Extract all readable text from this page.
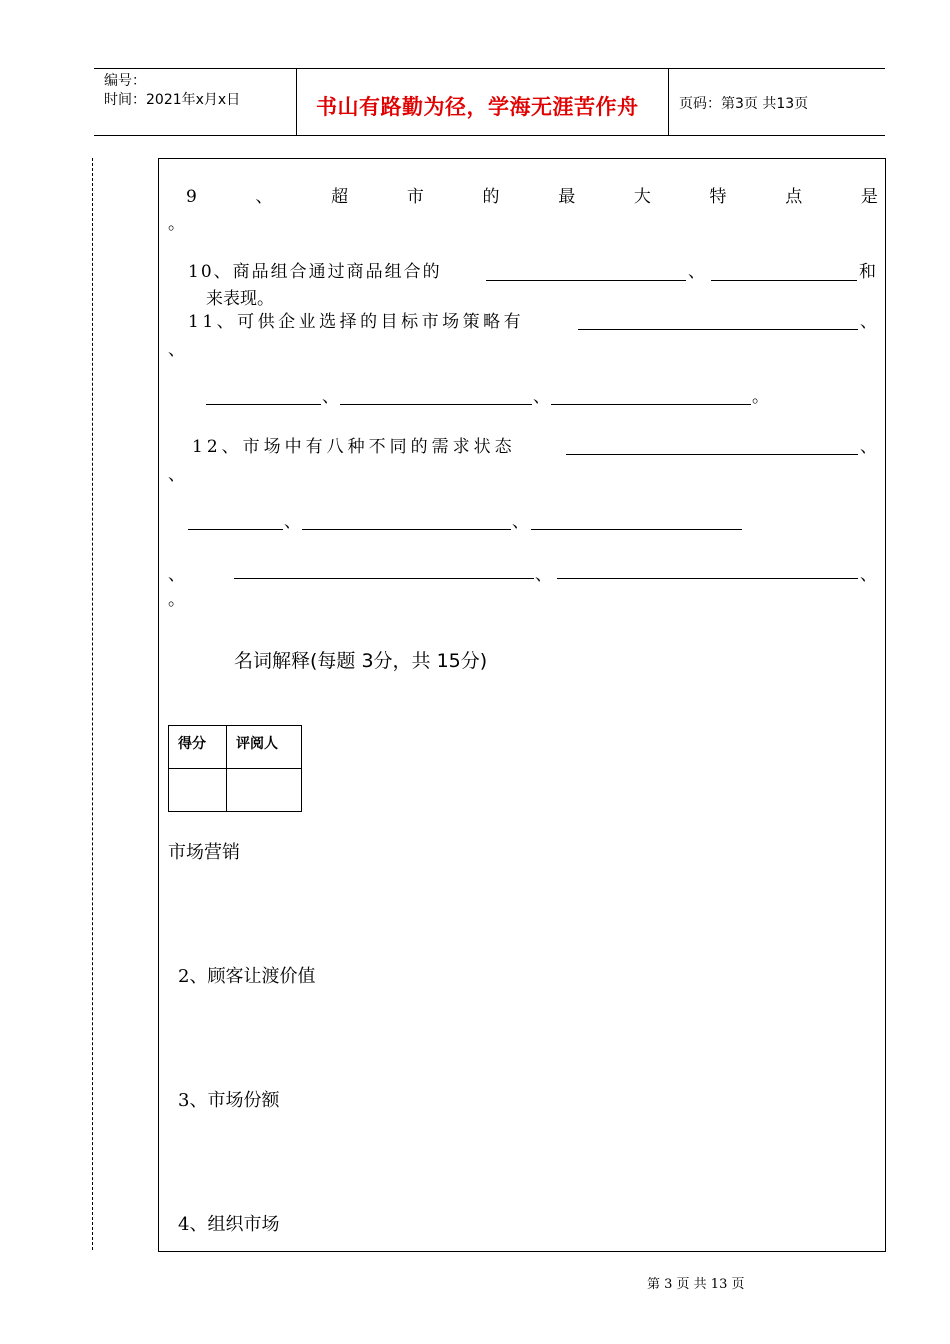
编号：
时间：2021年x月x日	书山有路勤为径，学海无涯苦作舟	页码：第3页 共13页
9	、	超	市	的	最	大	特	点	是
。
10、商品组合通过商品组合的	、	和
来表现。
11、可供企业选择的目标市场策略有	、
、
、	、	。
12、市场中有八种不同的需求状态	、
、
、	、
、	、	、
。
名词解释(每题 3分，共 15分)
得分	评阅人

市场营销
2、顾客让渡价值
3、市场份额
4、组织市场
第 3 页 共 13 页
